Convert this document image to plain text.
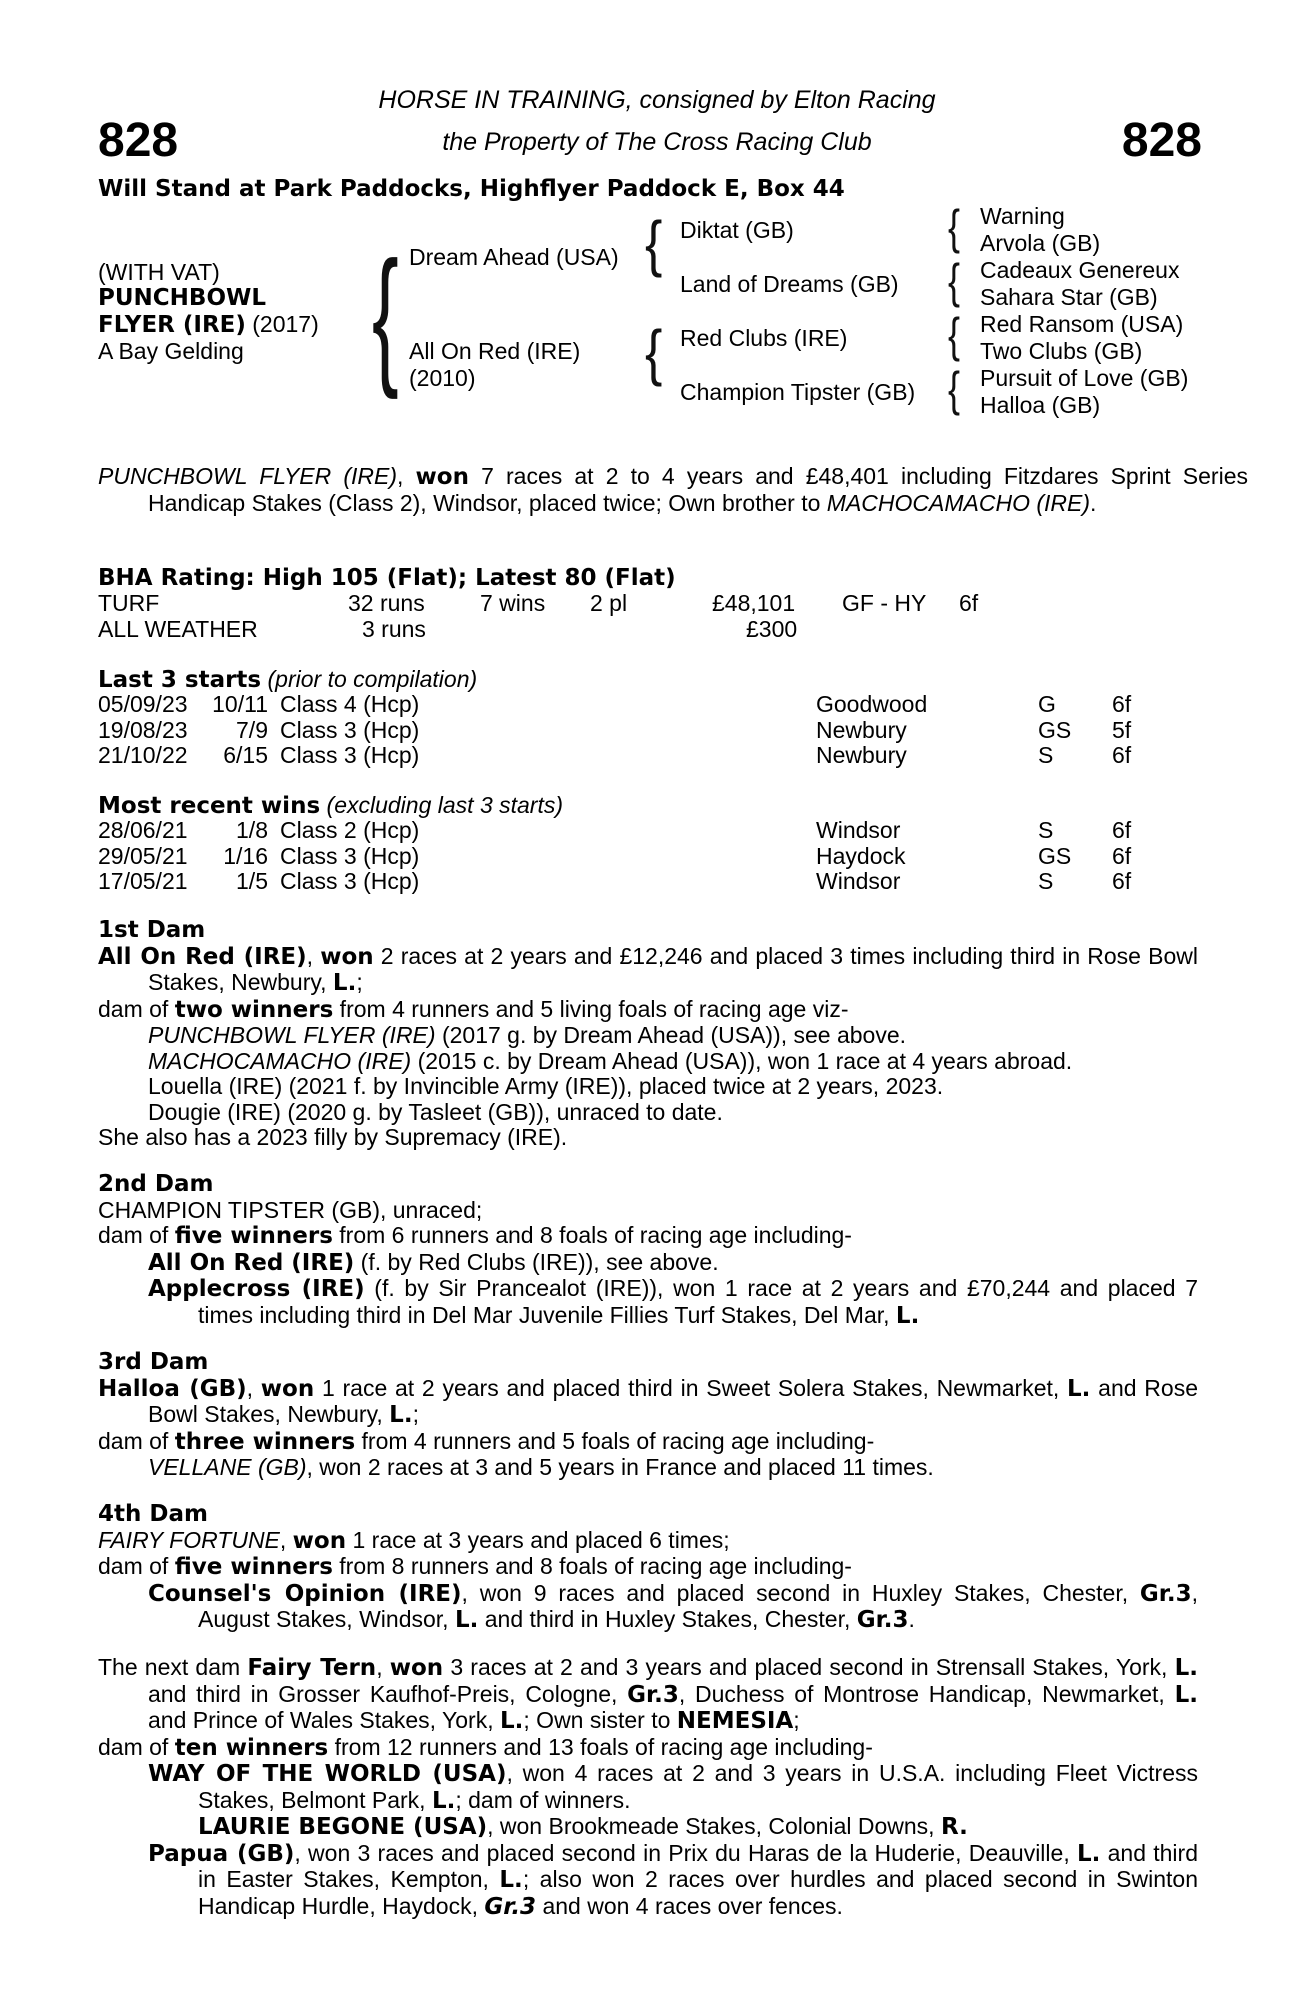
828	828
HORSE IN TRAINING, consigned by Elton Racing
the Property of The Cross Racing Club
Will Stand at Park Paddocks, Highflyer Paddock E, Box 44
(WITH VAT)
PUNCHBOWL
FLYER (IRE) (2017)
A Bay Gelding { Dream Ahead (USA)
All On Red (IRE)
(2010)
{
{
Diktat (GB)
Land of Dreams (GB)
Red Clubs (IRE)
Champion Tipster (GB)
{
{
{
{
Warning
Arvola (GB)
Cadeaux Genereux
Sahara Star (GB)
Red Ransom (USA)
Two Clubs (GB)
Pursuit of Love (GB)
Halloa (GB)

PUNCHBOWL FLYER (IRE), won 7 races at 2 to 4 years and £48,401 including Fitzdares Sprint Series Handicap Stakes (Class 2), Windsor, placed twice; Own brother to MACHOCAMACHO (IRE).

BHA Rating: High 105 (Flat); Latest 80 (Flat)
TURF	32 runs	7 wins	2 pl	£48,101	GF - HY	6f
ALL WEATHER	3 runs			£300		
Last 3 starts (prior to compilation)
05/09/23	10/11	Class 4 (Hcp)	Goodwood	G	6f
19/08/23	7/9	Class 3 (Hcp)	Newbury	GS	5f
21/10/22	6/15	Class 3 (Hcp)	Newbury	S	6f
Most recent wins (excluding last 3 starts)
28/06/21	1/8	Class 2 (Hcp)	Windsor	S	6f
29/05/21	1/16	Class 3 (Hcp)	Haydock	GS	6f
17/05/21	1/5	Class 3 (Hcp)	Windsor	S	6f

1st Dam

All On Red (IRE), won 2 races at 2 years and £12,246 and placed 3 times including third in Rose Bowl Stakes, Newbury, L.;

dam of two winners from 4 runners and 5 living foals of racing age viz-

PUNCHBOWL FLYER (IRE) (2017 g. by Dream Ahead (USA)), see above.

MACHOCAMACHO (IRE) (2015 c. by Dream Ahead (USA)), won 1 race at 4 years abroad.

Louella (IRE) (2021 f. by Invincible Army (IRE)), placed twice at 2 years, 2023.

Dougie (IRE) (2020 g. by Tasleet (GB)), unraced to date.

She also has a 2023 filly by Supremacy (IRE).

2nd Dam

CHAMPION TIPSTER (GB), unraced;

dam of five winners from 6 runners and 8 foals of racing age including-

All On Red (IRE) (f. by Red Clubs (IRE)), see above.

Applecross (IRE) (f. by Sir Prancealot (IRE)), won 1 race at 2 years and £70,244 and placed 7 times including third in Del Mar Juvenile Fillies Turf Stakes, Del Mar, L.

3rd Dam

Halloa (GB), won 1 race at 2 years and placed third in Sweet Solera Stakes, Newmarket, L. and Rose Bowl Stakes, Newbury, L.;

dam of three winners from 4 runners and 5 foals of racing age including-

VELLANE (GB), won 2 races at 3 and 5 years in France and placed 11 times.

4th Dam

FAIRY FORTUNE, won 1 race at 3 years and placed 6 times;

dam of five winners from 8 runners and 8 foals of racing age including-

Counsel's Opinion (IRE), won 9 races and placed second in Huxley Stakes, Chester, Gr.3, August Stakes, Windsor, L. and third in Huxley Stakes, Chester, Gr.3.

The next dam Fairy Tern, won 3 races at 2 and 3 years and placed second in Strensall Stakes, York, L. and third in Grosser Kaufhof-Preis, Cologne, Gr.3, Duchess of Montrose Handicap, Newmarket, L. and Prince of Wales Stakes, York, L.; Own sister to NEMESIA;

dam of ten winners from 12 runners and 13 foals of racing age including-

WAY OF THE WORLD (USA), won 4 races at 2 and 3 years in U.S.A. including Fleet Victress Stakes, Belmont Park, L.; dam of winners.

LAURIE BEGONE (USA), won Brookmeade Stakes, Colonial Downs, R.

Papua (GB), won 3 races and placed second in Prix du Haras de la Huderie, Deauville, L. and third in Easter Stakes, Kempton, L.; also won 2 races over hurdles and placed second in Swinton Handicap Hurdle, Haydock, Gr.3 and won 4 races over fences.
